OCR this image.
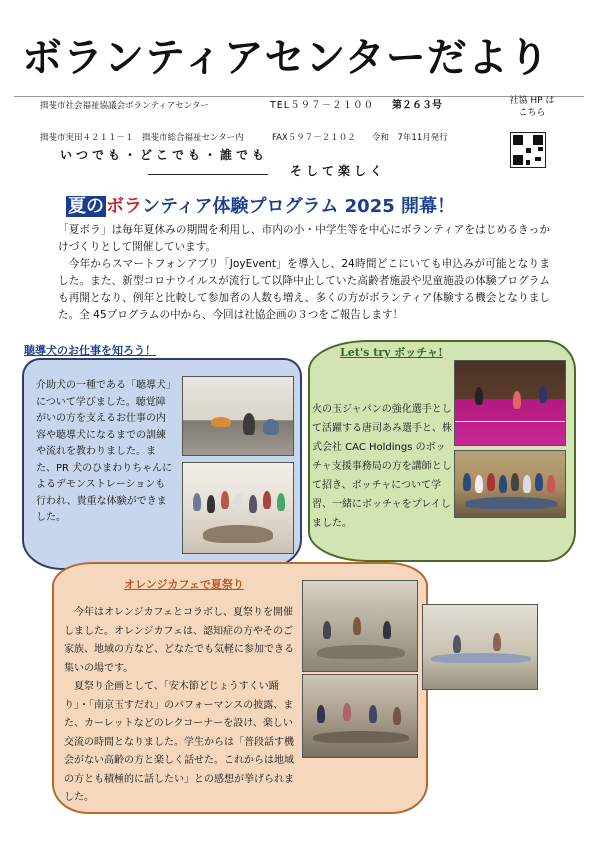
ボランティアセンターだより
揖斐市社会福祉協議会ボランティアセンター	TEL５９７－２１００ 第２６３号
揖斐市実田４２１１－１　揖斐市総合福祉センター内	FAX５９７－２１０２ 令和　7年11月発行
社協 HP は
こちら
いつでも・どこでも・誰でも
そして楽しく
夏の ボランティア体験プログラム 2025 開幕！

「夏ボラ」は毎年夏休みの期間を利用し、市内の小・中学生等を中心にボランティアをはじめるきっかけづくりとして開催しています。

今年からスマートフォンアプリ「JoyEvent」を導入し、24時間どこにいても申込みが可能となりました。また、新型コロナウイルスが流行して以降中止していた高齢者施設や児童施設の体験プログラムも再開となり、例年と比較して参加者の人数も増え、多くの方がボランティア体験する機会となりました。全 45プログラムの中から、今回は社協企画の３つをご報告します！

聴導犬のお仕事を知ろう！
介助犬の一種である「聴導犬」について学びました。聴覚障がいの方を支えるお仕事の内容や聴導犬になるまでの訓練や流れを教わりました。また、PR 犬のひまわりちゃんによるデモンストレーションも行われ、貴重な体験ができました。
Let's try ボッチャ!
火の玉ジャパンの強化選手として活躍する唐司あみ選手と、株式会社 CAC Holdings のボッチャ支援事務局の方を講師として招き、ボッチャについて学習、一緒にボッチャをプレイしました。
オレンジカフェで夏祭り

今年はオレンジカフェとコラボし、夏祭りを開催しました。オレンジカフェは、認知症の方やそのご家族、地域の方など、どなたでも気軽に参加できる集いの場です。

夏祭り企画として、「安木節どじょうすくい踊り」・「南京玉すだれ」のパフォーマンスの披露、また、カーレットなどのレクコーナーを設け、楽しい交流の時間となりました。学生からは「普段話す機会がない高齢の方と楽しく話せた。これからは地域の方とも積極的に話したい」との感想が挙げられました。
